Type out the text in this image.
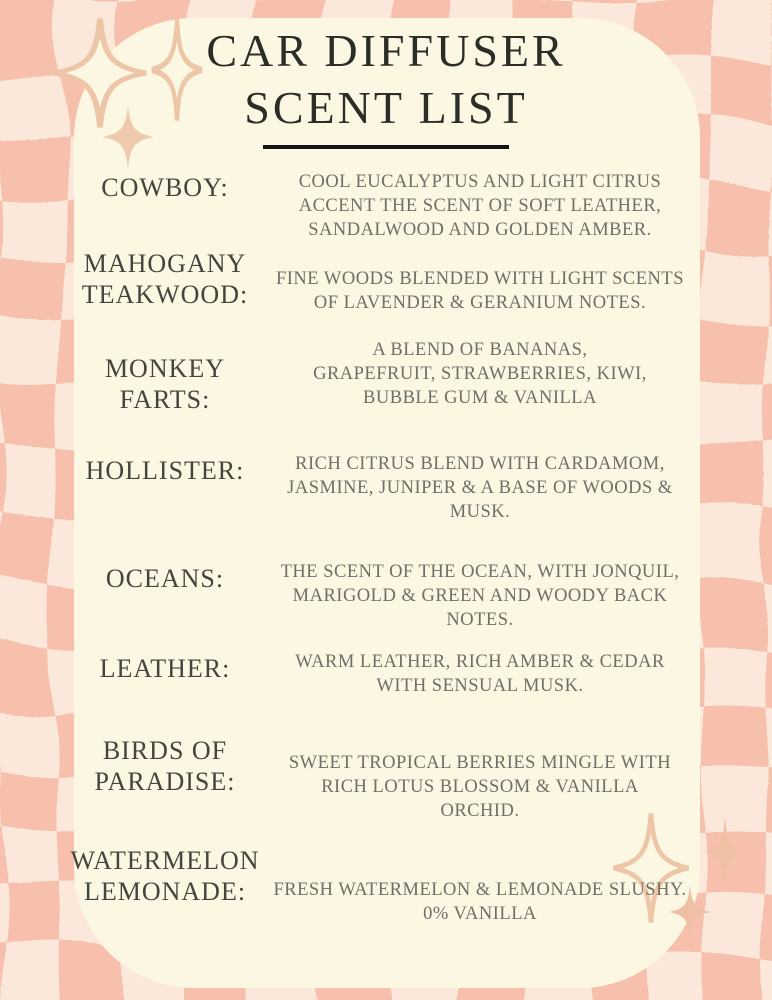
CAR DIFFUSER
SCENT LIST
COWBOY:	COOL EUCALYPTUS AND LIGHT CITRUS ACCENT THE SCENT OF SOFT LEATHER, SANDALWOOD AND GOLDEN AMBER.
MAHOGANY TEAKWOOD:
FINE WOODS BLENDED WITH LIGHT SCENTS OF LAVENDER & GERANIUM NOTES.
MONKEY FARTS:
A BLEND OF BANANAS, GRAPEFRUIT, STRAWBERRIES, KIWI, BUBBLE GUM & VANILLA
HOLLISTER:	RICH CITRUS BLEND WITH CARDAMOM, JASMINE, JUNIPER & A BASE OF WOODS & MUSK.
OCEANS:	THE SCENT OF THE OCEAN, WITH JONQUIL, MARIGOLD & GREEN AND WOODY BACK NOTES.
LEATHER:	WARM LEATHER, RICH AMBER & CEDAR WITH SENSUAL MUSK.
BIRDS OF PARADISE:
SWEET TROPICAL BERRIES MINGLE WITH RICH LOTUS BLOSSOM & VANILLA ORCHID.
WATERMELON LEMONADE:	FRESH WATERMELON & LEMONADE SLUSHY. 0% VANILLA
